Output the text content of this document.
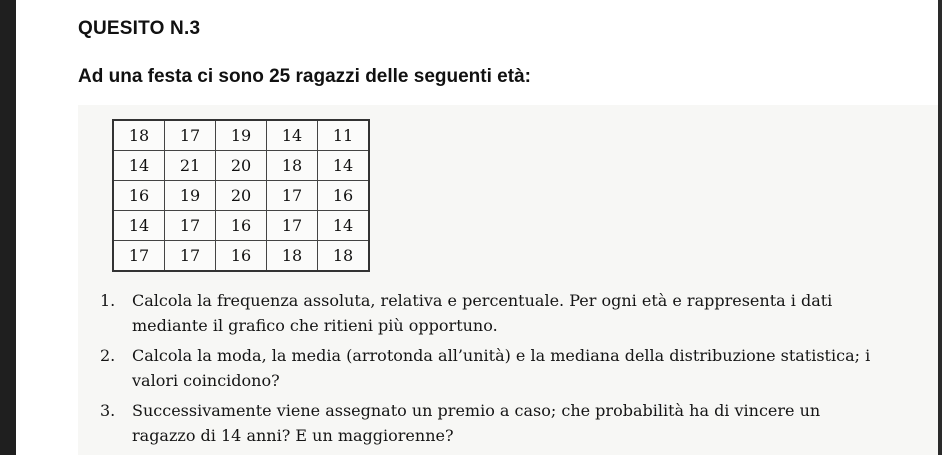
QUESITO N.3
Ad una festa ci sono 25 ragazzi delle seguenti età:
18	17	19	14	11
14	21	20	18	14
16	19	20	17	16
14	17	16	17	14
17	17	16	18	18
1. Calcola la frequenza assoluta, relativa e percentuale. Per ogni età e rappresenta i dati
mediante il grafico che ritieni più opportuno.
2. Calcola la moda, la media (arrotonda all’unità) e la mediana della distribuzione statistica; i
valori coincidono?
3. Successivamente viene assegnato un premio a caso; che probabilità ha di vincere un
ragazzo di 14 anni? E un maggiorenne?
